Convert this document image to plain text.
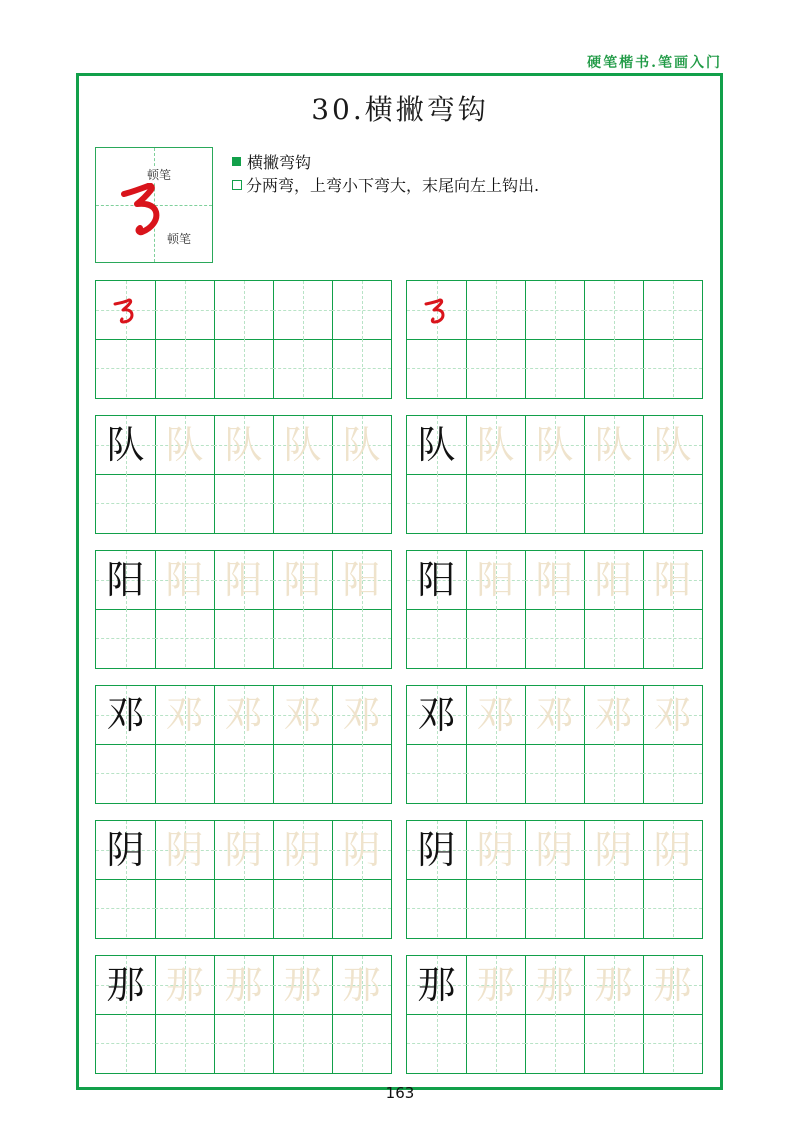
硬笔楷书.笔画入门
30.横撇弯钩
顿笔
顿笔
横撇弯钩
分两弯，上弯小下弯大，末尾向左上钩出.
队 队 队 队 队 队 队 队 队 队
阳 阳 阳 阳 阳 阳 阳 阳 阳 阳
邓 邓 邓 邓 邓 邓 邓 邓 邓 邓
阴 阴 阴 阴 阴 阴 阴 阴 阴 阴
那 那 那 那 那 那 那 那 那 那
163
